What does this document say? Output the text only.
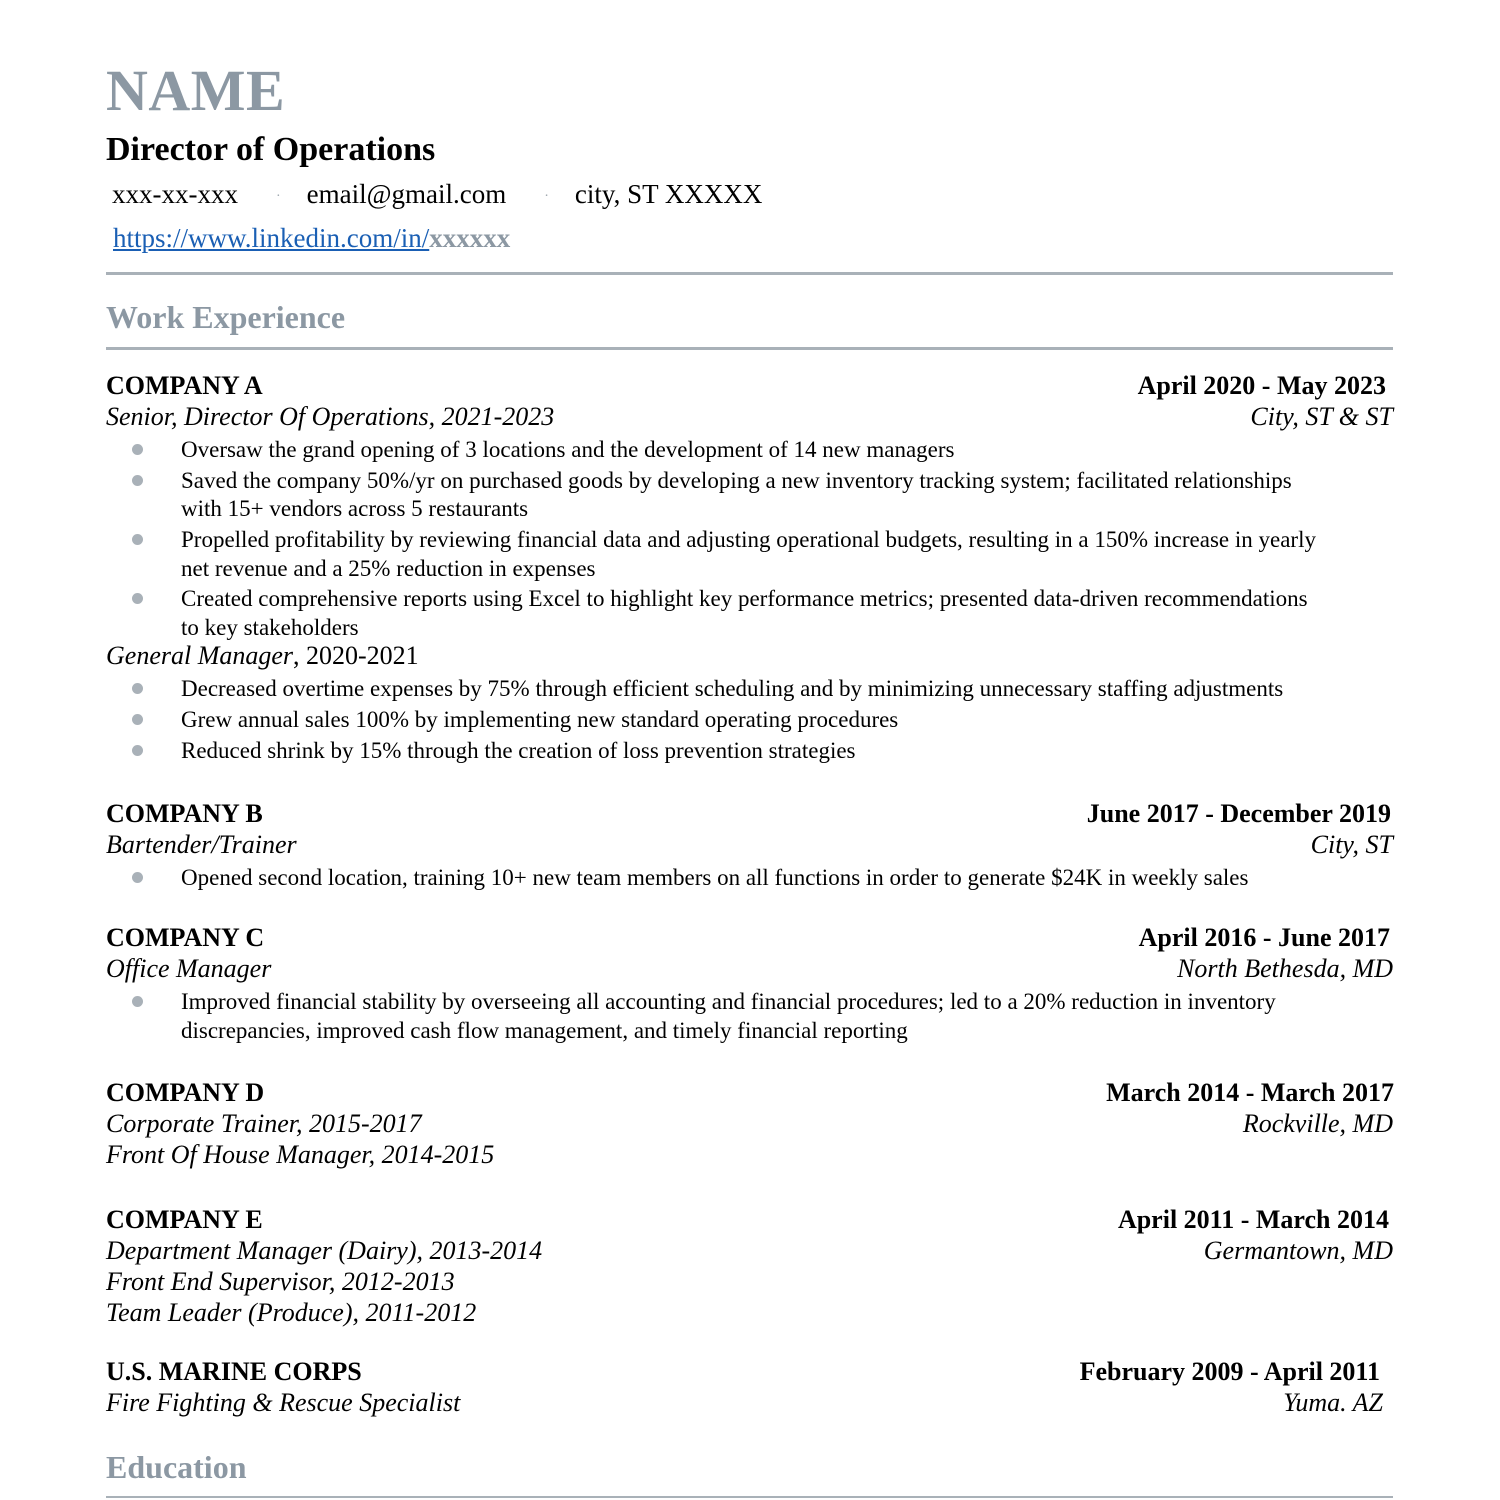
NAME
Director of Operations
xxx-xx-xxx	· email@gmail.com	· city, ST XXXXX
https://www.linkedin.com/in/xxxxxx
Work Experience
COMPANY A	April 2020 - May 2023
Senior, Director Of Operations, 2021-2023	City, ST & ST
Oversaw the grand opening of 3 locations and the development of 14 new managers
Saved the company 50%/yr on purchased goods by developing a new inventory tracking system; facilitated relationships
with 15+ vendors across 5 restaurants
Propelled profitability by reviewing financial data and adjusting operational budgets, resulting in a 150% increase in yearly
net revenue and a 25% reduction in expenses
Created comprehensive reports using Excel to highlight key performance metrics; presented data-driven recommendations
to key stakeholders
General Manager, 2020-2021
Decreased overtime expenses by 75% through efficient scheduling and by minimizing unnecessary staffing adjustments
Grew annual sales 100% by implementing new standard operating procedures
Reduced shrink by 15% through the creation of loss prevention strategies
COMPANY B	June 2017 - December 2019
Bartender/Trainer	City, ST
Opened second location, training 10+ new team members on all functions in order to generate $24K in weekly sales
COMPANY C	April 2016 - June 2017
Office Manager	North Bethesda, MD
Improved financial stability by overseeing all accounting and financial procedures; led to a 20% reduction in inventory
discrepancies, improved cash flow management, and timely financial reporting
COMPANY D	March 2014 - March 2017
Corporate Trainer, 2015-2017	Rockville, MD
Front Of House Manager, 2014-2015
COMPANY E	April 2011 - March 2014
Department Manager (Dairy), 2013-2014	Germantown, MD
Front End Supervisor, 2012-2013
Team Leader (Produce), 2011-2012
U.S. MARINE CORPS	February 2009 - April 2011
Fire Fighting & Rescue Specialist	Yuma. AZ
Education
